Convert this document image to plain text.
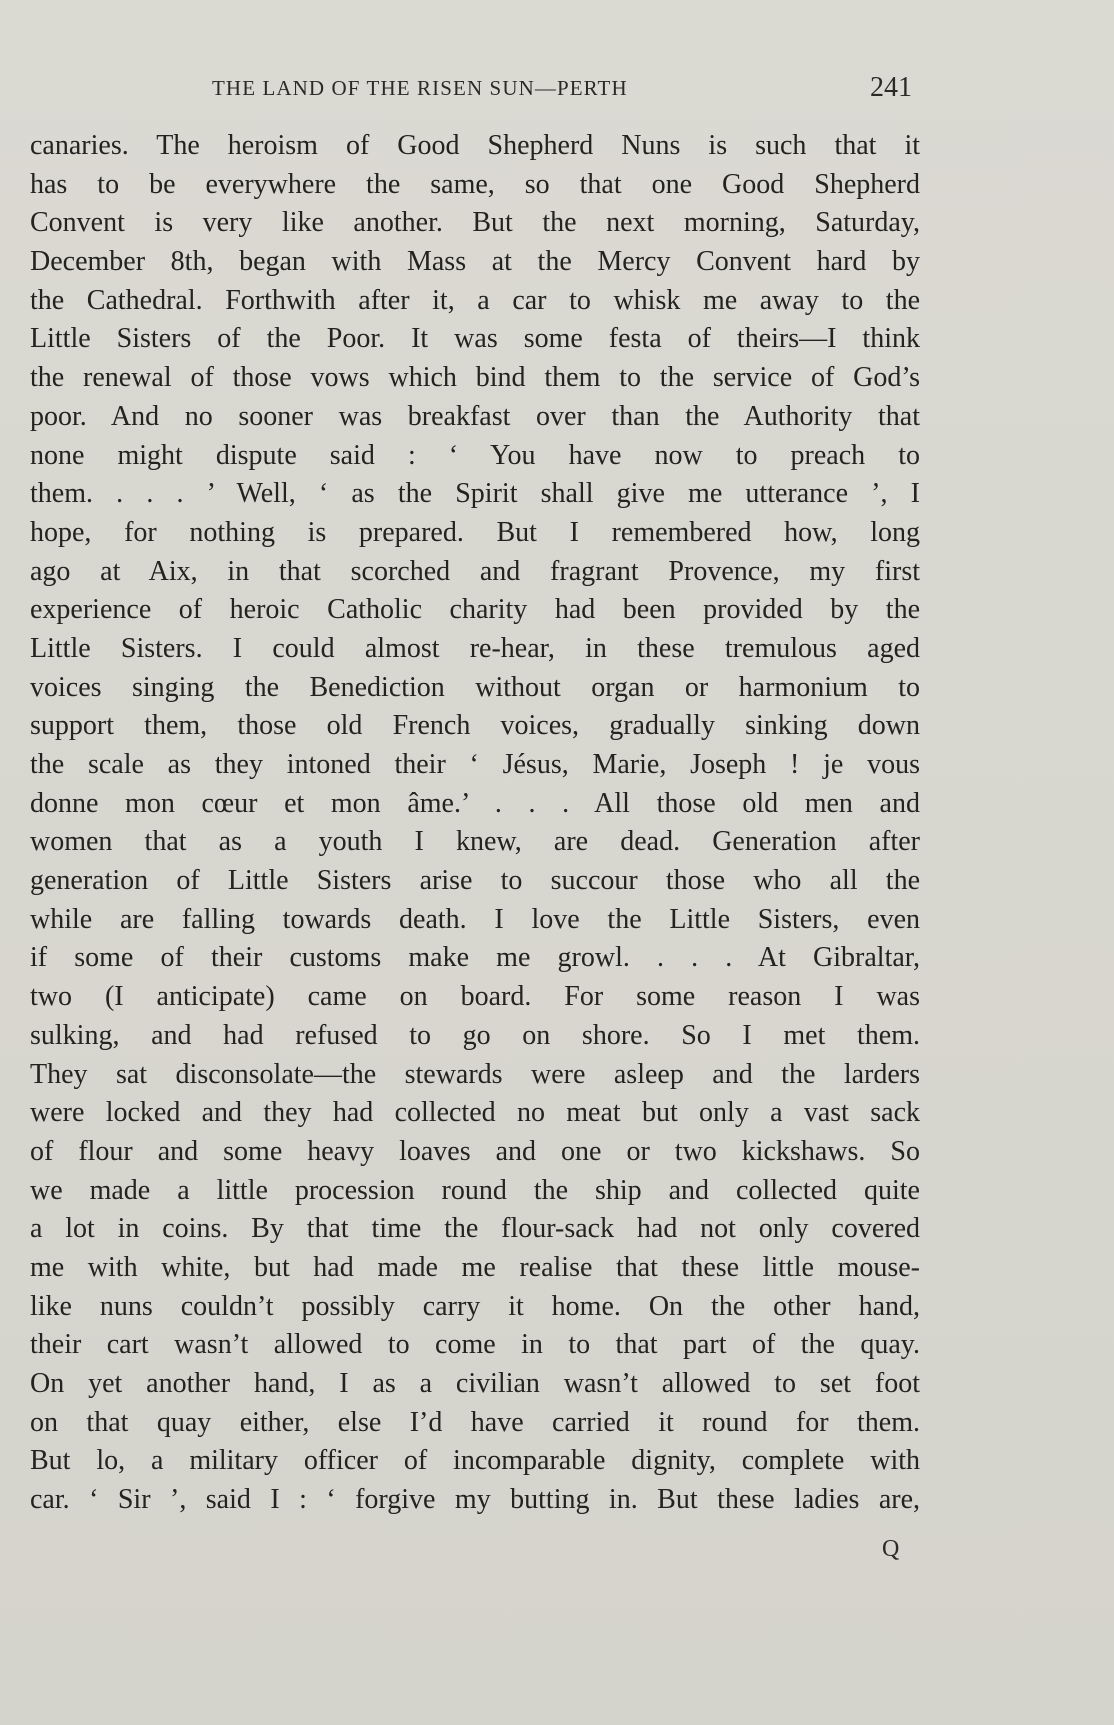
THE LAND OF THE RISEN SUN—PERTH	241
canaries. The heroism of Good Shepherd Nuns is such that it
has to be everywhere the same, so that one Good Shepherd
Convent is very like another. But the next morning, Saturday,
December 8th, began with Mass at the Mercy Convent hard by
the Cathedral. Forthwith after it, a car to whisk me away to the
Little Sisters of the Poor. It was some festa of theirs—I think
the renewal of those vows which bind them to the service of God’s
poor. And no sooner was breakfast over than the Authority that
none might dispute said : ‘ You have now to preach to
them. . . . ’ Well, ‘ as the Spirit shall give me utterance ’, I
hope, for nothing is prepared. But I remembered how, long
ago at Aix, in that scorched and fragrant Provence, my first
experience of heroic Catholic charity had been provided by the
Little Sisters. I could almost re-hear, in these tremulous aged
voices singing the Benediction without organ or harmonium to
support them, those old French voices, gradually sinking down
the scale as they intoned their ‘ Jésus, Marie, Joseph ! je vous
donne mon cœur et mon âme.’ . . . All those old men and
women that as a youth I knew, are dead. Generation after
generation of Little Sisters arise to succour those who all the
while are falling towards death. I love the Little Sisters, even
if some of their customs make me growl. . . . At Gibraltar,
two (I anticipate) came on board. For some reason I was
sulking, and had refused to go on shore. So I met them.
They sat disconsolate—the stewards were asleep and the larders
were locked and they had collected no meat but only a vast sack
of flour and some heavy loaves and one or two kickshaws. So
we made a little procession round the ship and collected quite
a lot in coins. By that time the flour-sack had not only covered
me with white, but had made me realise that these little mouse-
like nuns couldn’t possibly carry it home. On the other hand,
their cart wasn’t allowed to come in to that part of the quay.
On yet another hand, I as a civilian wasn’t allowed to set foot
on that quay either, else I’d have carried it round for them.
But lo, a military officer of incomparable dignity, complete with
car. ‘ Sir ’, said I : ‘ forgive my butting in. But these ladies are,
Q
